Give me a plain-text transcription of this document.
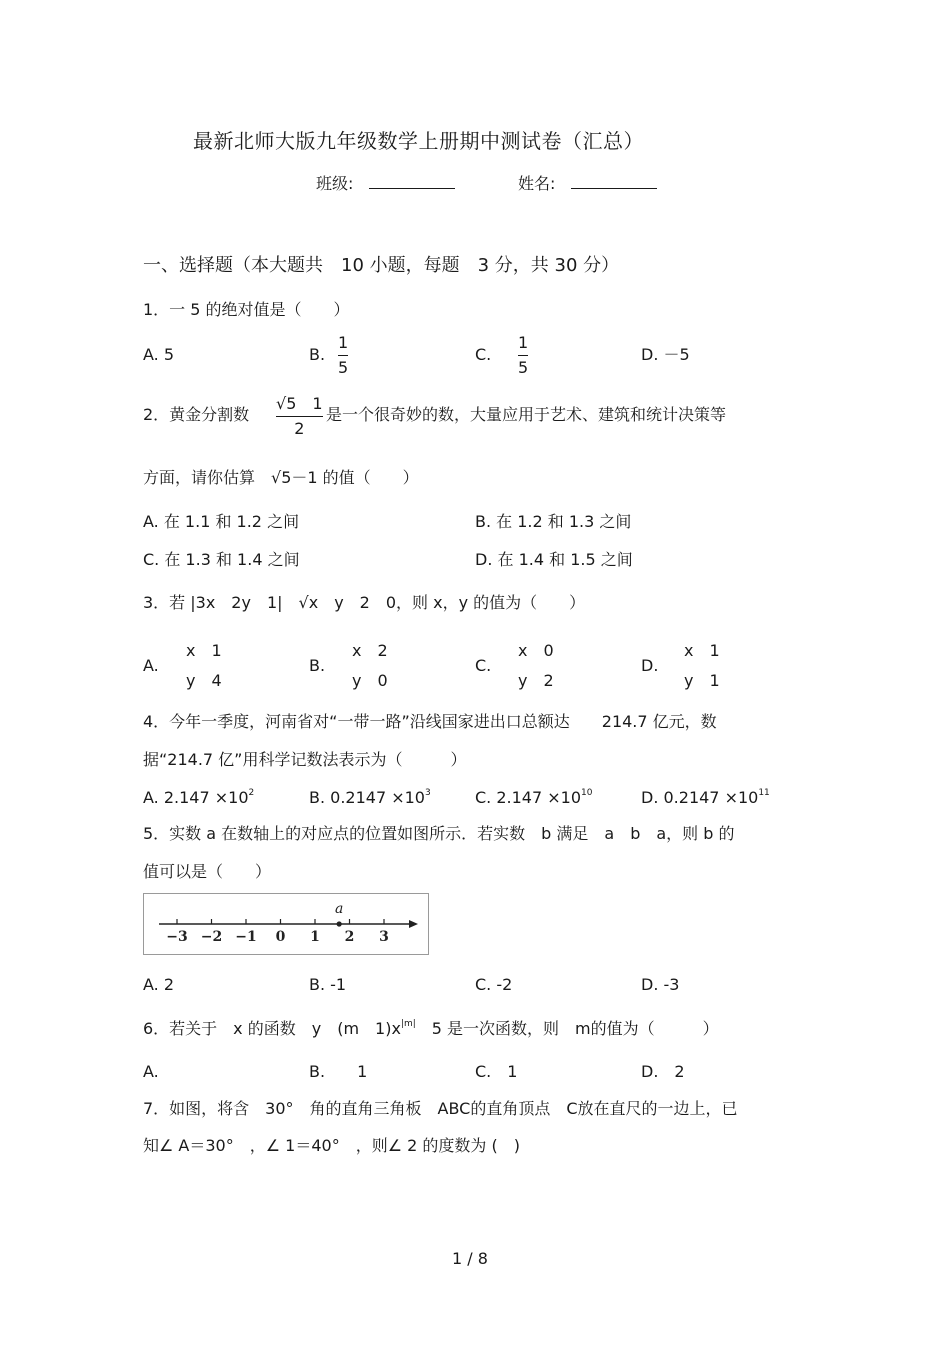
最新北师大版九年级数学上册期中测试卷（汇总）
班级:	姓名:
一、选择题（本大题共　10 小题，每题　3 分，共 30 分）
1．一 5 的绝对值是（　　）
A. 5	B.
1
5
C.
1
5
D. －5
2．黄金分割数
√5　1
2
是一个很奇妙的数，大量应用于艺术、建筑和统计决策等
方面，请你估算　√5－1 的值（　　）
A. 在 1.1 和 1.2 之间	B. 在 1.2 和 1.3 之间
C. 在 1.3 和 1.4 之间	D. 在 1.4 和 1.5 之间
3．若 |3x　2y　1|　√x　y　2　0，则 x，y 的值为（　　）
A.
x　1
y　4
B.
x　2
y　0
C.
x　0
y　2
D.
x　1
y　1
4．今年一季度，河南省对“一带一路”沿线国家进出口总额达　　214.7 亿元，数
据“214.7 亿”用科学记数法表示为（　　　）
A. $2.147 \times 10^2$	B. $0.2147 \times 10^3$	C. $2.147 \times 10^{10}$	D. $0.2147 \times 10^{11}$
5．实数 a 在数轴上的对应点的位置如图所示．若实数　b 满足　a　b　a，则 b 的
值可以是（　　）
−3 −2 −1 0 1 2 3
a
A. 2	B. -1	C. -2	D. -3
6．若关于　x 的函数　y　(m　$1)x^{|m|}$　5 是一次函数，则　m的值为（　　　）
A.	B.　　1	C.　1	D.　2
7．如图，将含　30°　角的直角三角板　ABC的直角顶点　C放在直尺的一边上，已
知∠ A＝30°　，∠ 1＝40°　，则∠ 2 的度数为 (　)
1 / 8
